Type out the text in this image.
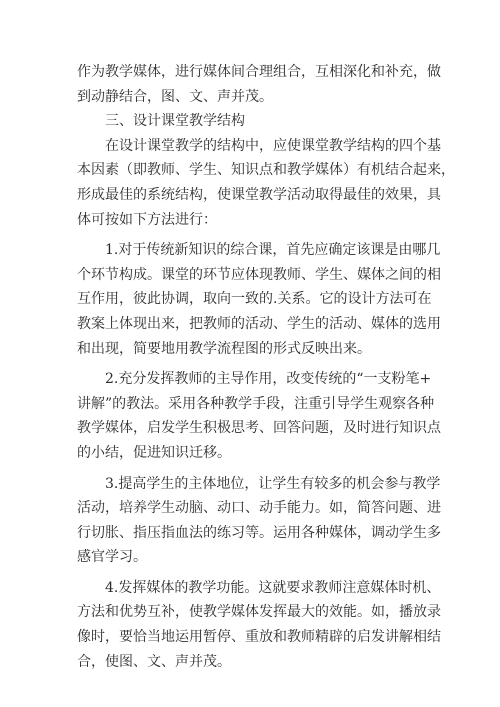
作为教学媒体，进行媒体间合理组合，互相深化和补充，做
到动静结合，图、文、声并茂。
三、设计课堂教学结构
在设计课堂教学的结构中，应使课堂教学结构的四个基
本因素（即教师、学生、知识点和教学媒体）有机结合起来，
形成最佳的系统结构，使课堂教学活动取得最佳的效果，具
体可按如下方法进行：
1.对于传统新知识的综合课，首先应确定该课是由哪几
个环节构成。课堂的环节应体现教师、学生、媒体之间的相
互作用，彼此协调，取向一致的.关系。它的设计方法可在
教案上体现出来，把教师的活动、学生的活动、媒体的选用
和出现，简要地用教学流程图的形式反映出来。
2.充分发挥教师的主导作用，改变传统的“一支粉笔+
讲解”的教法。采用各种教学手段，注重引导学生观察各种
教学媒体，启发学生积极思考、回答问题，及时进行知识点
的小结，促进知识迁移。
3.提高学生的主体地位，让学生有较多的机会参与教学
活动，培养学生动脑、动口、动手能力。如，简答问题、进
行切胀、指压指血法的练习等。运用各种媒体，调动学生多
感官学习。
4.发挥媒体的教学功能。这就要求教师注意媒体时机、
方法和优势互补，使教学媒体发挥最大的效能。如，播放录
像时，要恰当地运用暂停、重放和教师精辟的启发讲解相结
合，使图、文、声并茂。
